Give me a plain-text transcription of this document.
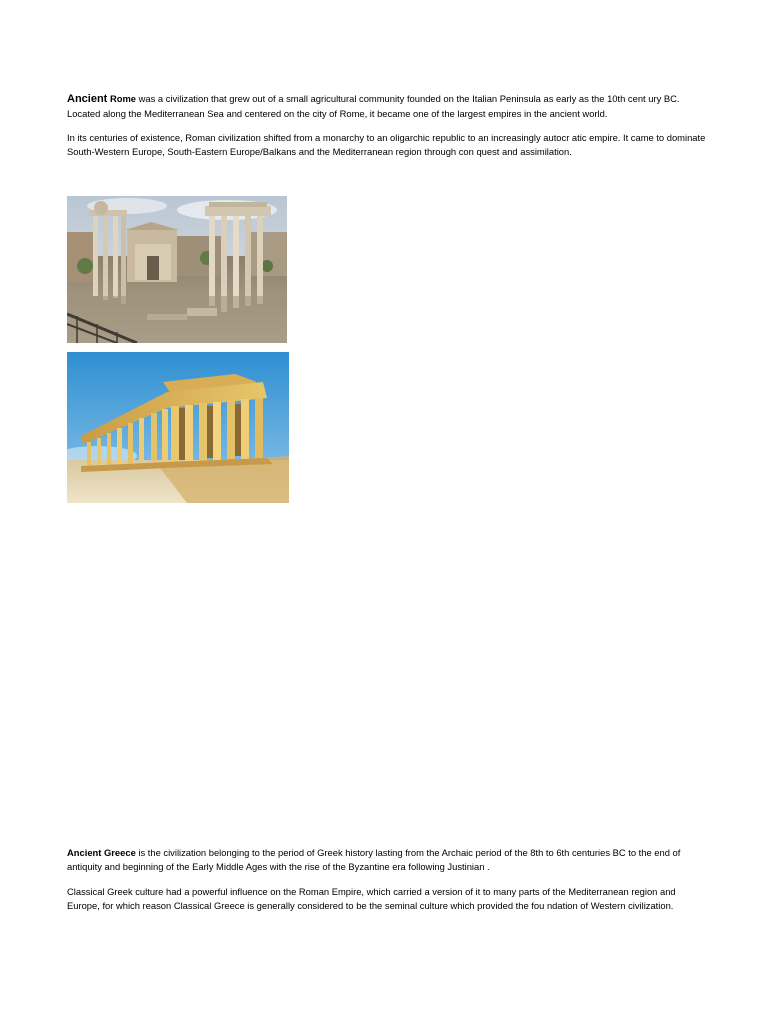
Ancient Rome was a civilization that grew out of a small agricultural community founded on the Italian Peninsula as early as the 10th cent ury BC. Located along the Mediterranean Sea and centered on the city of Rome, it became one of the largest empires in the ancient world.

In its centuries of existence, Roman civilization shifted from a monarchy to an oligarchic republic to an increasingly autocr atic empire. It came to dominate South-Western Europe, South-Eastern Europe/Balkans and the Mediterranean region through con quest and assimilation.

Ancient Greece is the civilization belonging to the period of Greek history lasting from the Archaic period of the 8th to 6th centuries BC to the end of antiquity and beginning of the Early Middle Ages with the rise of the Byzantine era following Justinian .

Classical Greek culture had a powerful influence on the Roman Empire, which carried a version of it to many parts of the Mediterranean region and Europe, for which reason Classical Greece is generally considered to be the seminal culture which provided the fou ndation of Western civilization.
